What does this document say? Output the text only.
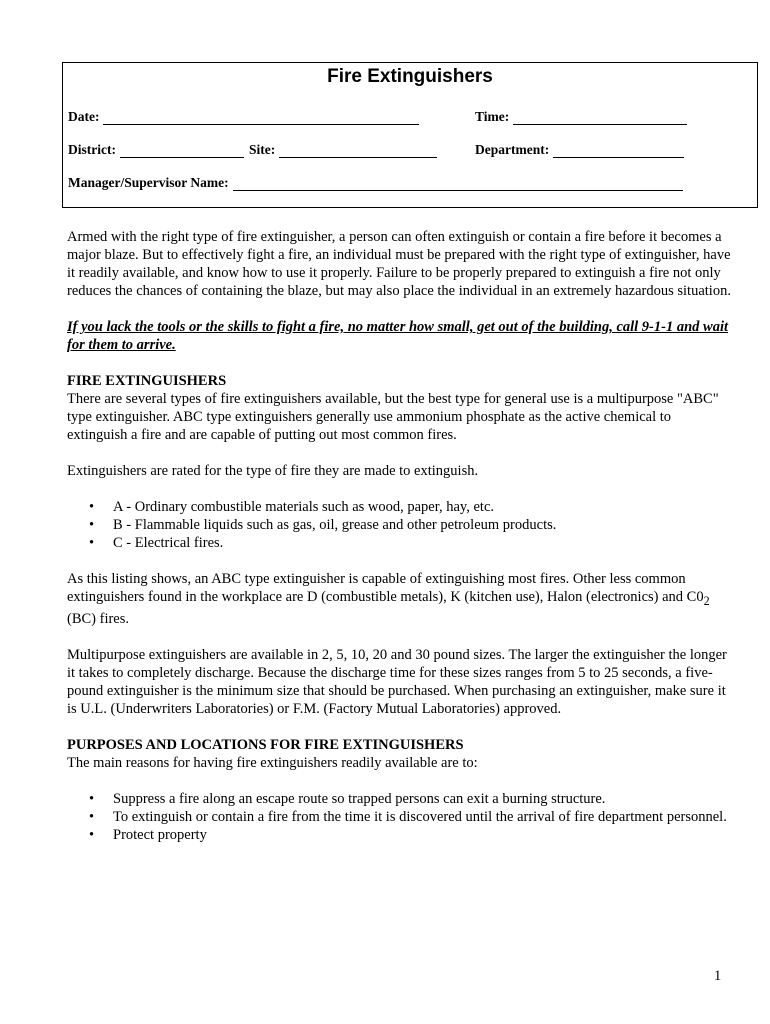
Fire Extinguishers
Date:	Time:
District:	Site:	Department:
Manager/Supervisor Name:

Armed with the right type of fire extinguisher, a person can often extinguish or contain a fire before it becomes a major blaze. But to effectively fight a fire, an individual must be prepared with the right type of extinguisher, have it readily available, and know how to use it properly. Failure to be properly prepared to extinguish a fire not only reduces the chances of containing the blaze, but may also place the individual in an extremely hazardous situation.

If you lack the tools or the skills to fight a fire, no matter how small, get out of the building, call 9-1-1 and wait for them to arrive.

FIRE EXTINGUISHERS
There are several types of fire extinguishers available, but the best type for general use is a multipurpose "ABC" type extinguisher. ABC type extinguishers generally use ammonium phosphate as the active chemical to extinguish a fire and are capable of putting out most common fires.

Extinguishers are rated for the type of fire they are made to extinguish.

• A - Ordinary combustible materials such as wood, paper, hay, etc.
• B - Flammable liquids such as gas, oil, grease and other petroleum products.
• C - Electrical fires.

As this listing shows, an ABC type extinguisher is capable of extinguishing most fires. Other less common extinguishers found in the workplace are D (combustible metals), K (kitchen use), Halon (electronics) and $C0_2$ (BC) fires.

Multipurpose extinguishers are available in 2, 5, 10, 20 and 30 pound sizes. The larger the extinguisher the longer it takes to completely discharge. Because the discharge time for these sizes ranges from 5 to 25 seconds, a five-pound extinguisher is the minimum size that should be purchased. When purchasing an extinguisher, make sure it is U.L. (Underwriters Laboratories) or F.M. (Factory Mutual Laboratories) approved.

PURPOSES AND LOCATIONS FOR FIRE EXTINGUISHERS
The main reasons for having fire extinguishers readily available are to:

• Suppress a fire along an escape route so trapped persons can exit a burning structure.
• To extinguish or contain a fire from the time it is discovered until the arrival of fire department personnel.
• Protect property
1
